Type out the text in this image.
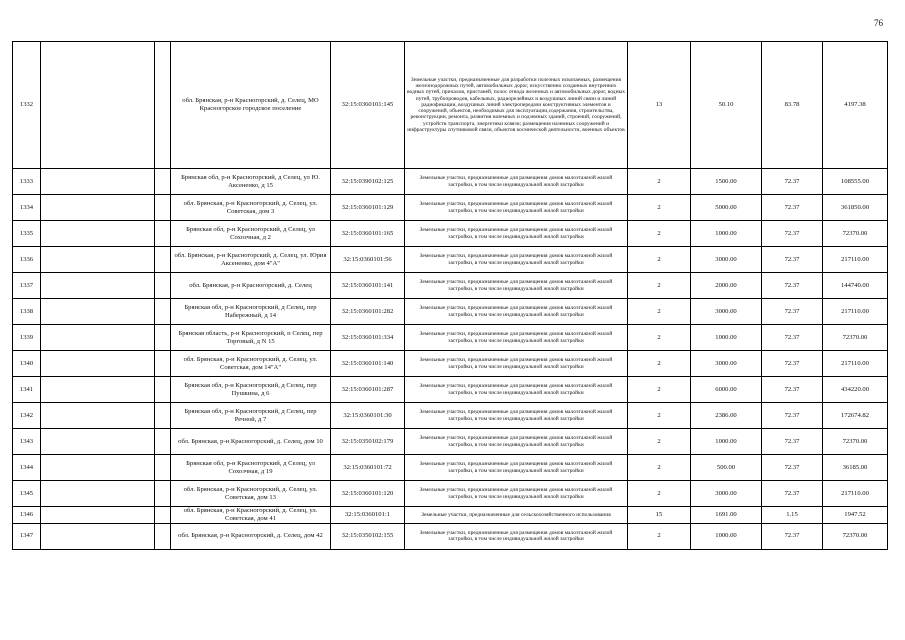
76
1332			обл. Брянская, р-н Красногорский, д. Селец, МО Красногорское городское поселение	32:15:0360101:145	Земельные участки, предназначенные для разработки полезных ископаемых, размещения железнодорожных путей, автомобильных дорог, искусственно созданных внутренних водных путей, причалов, пристаней, полос отвода железных и автомобильных дорог, водных путей, трубопроводов, кабельных, радиорелейных и воздушных линий связи и линий радиофикации, воздушных линий электропередачи конструктивных элементов и сооружений, объектов, необходимых для эксплуатации,содержания, строительства, реконструкции, ремонта, развития наземных и подземных зданий, строений, сооружений, устройств транспорта, энергетики ксвязи; размещения наземных сооружений и инфраструктуры спутниковой связи, объектов космической деятельности, военных объектов	13	50.10	83.78	4197.38
1333			Брянская обл, р-н Красногорский, д Селец, ул Ю. Акcененко, д 15	32:15:0390102:125	Земельные участки, предназначенные для размещения домов малоэтажной жилой застройки, в том числе индивидуальной жилой застройки	2	1500.00	72.37	108555.00
1334			обл. Брянская, р-н Красногорский, д. Селец, ул. Советская, дом 3	32:15:0360101:129	Земельные участки, предназначенные для размещения домов малоэтажной жилой застройки, в том числе индивидуальной жилой застройки	2	5000.00	72.37	361850.00
1335			Брянская обл, р-н Красногорский, д Селец, ул Сохозчная, д 2	32:15:0360101:165	Земельные участки, предназначенные для размещения домов малоэтажной жилой застройки, в том числе индивидуальной жилой застройки	2	1000.00	72.37	72370.00
1336			обл. Брянская, р-н Красногорский, д. Селец, ул. Юрия Аксененко, дом 4"А"	32:15:0360101:56	Земельные участки, предназначенные для размещения домов малоэтажной жилой застройки, в том числе индивидуальной жилой застройки	2	3000.00	72.37	217110.00
1337			обл. Брянская, р-н Красногорский, д. Селец	32:15:0360101:141	Земельные участки, предназначенные для размещения домов малоэтажной жилой застройки, в том числе индивидуальной жилой застройки	2	2000.00	72.37	144740.00
1338			Брянская обл, р-н Красногорский, д Селец, пер Набережный, д 14	32:15:0360101:282	Земельные участки, предназначенные для размещения домов малоэтажной жилой застройки, в том числе индивидуальной жилой застройки	2	3000.00	72.37	217110.00
1339			Брянская область, р-н Красногорский, п Селец, пер Торговый, д N 15	32:15:0360101:334	Земельные участки, предназначенные для размещения домов малоэтажной жилой застройки, в том числе индивидуальной жилой застройки	2	1000.00	72.37	72370.00
1340			обл. Брянская, р-н Красногорский, д. Селец, ул. Советская, дом 14"А"	32:15:0360101:140	Земельные участки, предназначенные для размещения домов малоэтажной жилой застройки, в том числе индивидуальной жилой застройки	2	3000.00	72.37	217110.00
1341			Брянская обл, р-н Красногорский, д Селец, пер Пушкина, д 6	32:15:0360101:287	Земельные участки, предназначенные для размещения домов малоэтажной жилой застройки, в том числе индивидуальной жилой застройки	2	6000.00	72.37	434220.00
1342			Брянская обл, р-н Красногорский, д Селец, пер Речной, д 7	32:15:0360101:30	Земельные участки, предназначенные для размещения домов малоэтажной жилой застройки, в том числе индивидуальной жилой застройки	2	2386.00	72.37	172674.82
1343			обл. Брянская, р-н Красногорский, д. Селец, дом 10	32:15:0350102:179	Земельные участки, предназначенные для размещения домов малоэтажной жилой застройки, в том числе индивидуальной жилой застройки	2	1000.00	72.37	72370.00
1344			Брянская обл, р-н Красногорский, д Селец, ул Сохозчная, д 19	32:15:0360101:72	Земельные участки, предназначенные для размещения домов малоэтажной жилой застройки, в том числе индивидуальной жилой застройки	2	500.00	72.37	36185.00
1345			обл. Брянская, р-н Красногорский, д. Селец, ул. Советская, дом 13	32:15:0360101:120	Земельные участки, предназначенные для размещения домов малоэтажной жилой застройки, в том числе индивидуальной жилой застройки	2	3000.00	72.37	217110.00
1346			обл. Брянская, р-н Красногорский, д. Селец, ул. Советская, дом 41	32:15:0360101:1	Земельные участки, предназначенные для сельскохозяйственного использования	15	1691.00	1.15	1947.52
1347			обл. Брянская, р-н Красногорский, д. Селец, дом 42	32:15:0350102:155	Земельные участки, предназначенные для размещения домов малоэтажной жилой застройки, в том числе индивидуальной жилой застройки	2	1000.00	72.37	72370.00
